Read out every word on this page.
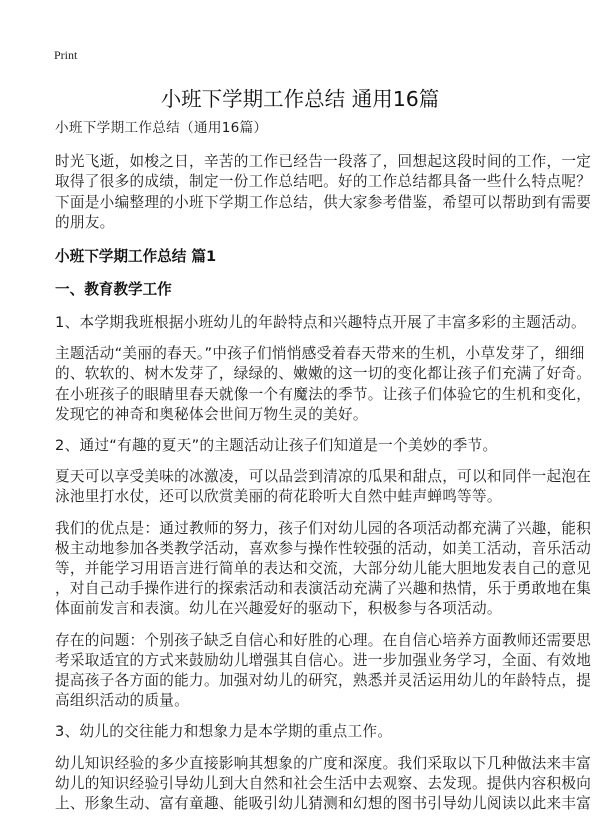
Print
小班下学期工作总结 通用16篇
小班下学期工作总结（通用16篇）
时光飞逝，如梭之日，辛苦的工作已经告一段落了，回想起这段时间的工作，一定
取得了很多的成绩，制定一份工作总结吧。好的工作总结都具备一些什么特点呢？
下面是小编整理的小班下学期工作总结，供大家参考借鉴，希望可以帮助到有需要
的朋友。
小班下学期工作总结 篇1
一、教育教学工作
1、本学期我班根据小班幼儿的年龄特点和兴趣特点开展了丰富多彩的主题活动。
主题活动“美丽的春天。”中孩子们悄悄感受着春天带来的生机，小草发芽了，细细
的、软软的、树木发芽了，绿绿的、嫩嫩的这一切的变化都让孩子们充满了好奇。
在小班孩子的眼睛里春天就像一个有魔法的季节。让孩子们体验它的生机和变化，
发现它的神奇和奥秘体会世间万物生灵的美好。
2、通过“有趣的夏天”的主题活动让孩子们知道是一个美妙的季节。
夏天可以享受美味的冰激凌，可以品尝到清凉的瓜果和甜点，可以和同伴一起泡在
泳池里打水仗，还可以欣赏美丽的荷花聆听大自然中蛙声蝉鸣等等。
我们的优点是：通过教师的努力，孩子们对幼儿园的各项活动都充满了兴趣，能积
极主动地参加各类教学活动，喜欢参与操作性较强的活动，如美工活动，音乐活动
等，并能学习用语言进行简单的表达和交流，大部分幼儿能大胆地发表自己的意见
，对自己动手操作进行的探索活动和表演活动充满了兴趣和热情，乐于勇敢地在集
体面前发言和表演。幼儿在兴趣爱好的驱动下，积极参与各项活动。
存在的问题：个别孩子缺乏自信心和好胜的心理。在自信心培养方面教师还需要思
考采取适宜的方式来鼓励幼儿增强其自信心。进一步加强业务学习，全面、有效地
提高孩子各方面的能力。加强对幼儿的研究，熟悉并灵活运用幼儿的年龄特点，提
高组织活动的质量。
3、幼儿的交往能力和想象力是本学期的重点工作。
幼儿知识经验的多少直接影响其想象的广度和深度。我们采取以下几种做法来丰富
幼儿的知识经验引导幼儿到大自然和社会生活中去观察、去发现。提供内容积极向
上、形象生动、富有童趣、能吸引幼儿猜测和幻想的图书引导幼儿阅读以此来丰富
